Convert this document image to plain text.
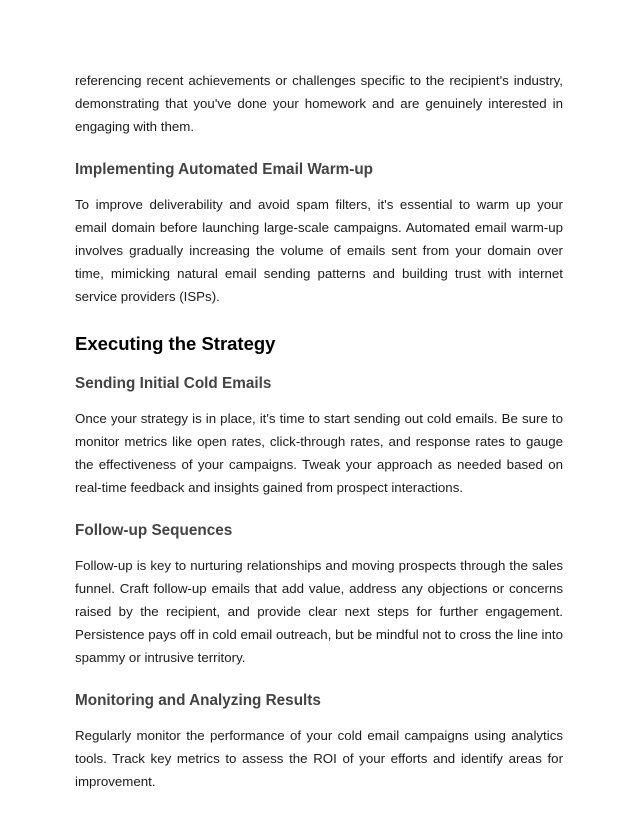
referencing recent achievements or challenges specific to the recipient's industry, demonstrating that you've done your homework and are genuinely interested in engaging with them.

Implementing Automated Email Warm-up

To improve deliverability and avoid spam filters, it's essential to warm up your email domain before launching large-scale campaigns. Automated email warm-up involves gradually increasing the volume of emails sent from your domain over time, mimicking natural email sending patterns and building trust with internet service providers (ISPs).

Executing the Strategy
Sending Initial Cold Emails

Once your strategy is in place, it's time to start sending out cold emails. Be sure to monitor metrics like open rates, click-through rates, and response rates to gauge the effectiveness of your campaigns. Tweak your approach as needed based on real-time feedback and insights gained from prospect interactions.

Follow-up Sequences

Follow-up is key to nurturing relationships and moving prospects through the sales funnel. Craft follow-up emails that add value, address any objections or concerns raised by the recipient, and provide clear next steps for further engagement. Persistence pays off in cold email outreach, but be mindful not to cross the line into spammy or intrusive territory.

Monitoring and Analyzing Results

Regularly monitor the performance of your cold email campaigns using analytics tools. Track key metrics to assess the ROI of your efforts and identify areas for improvement.
